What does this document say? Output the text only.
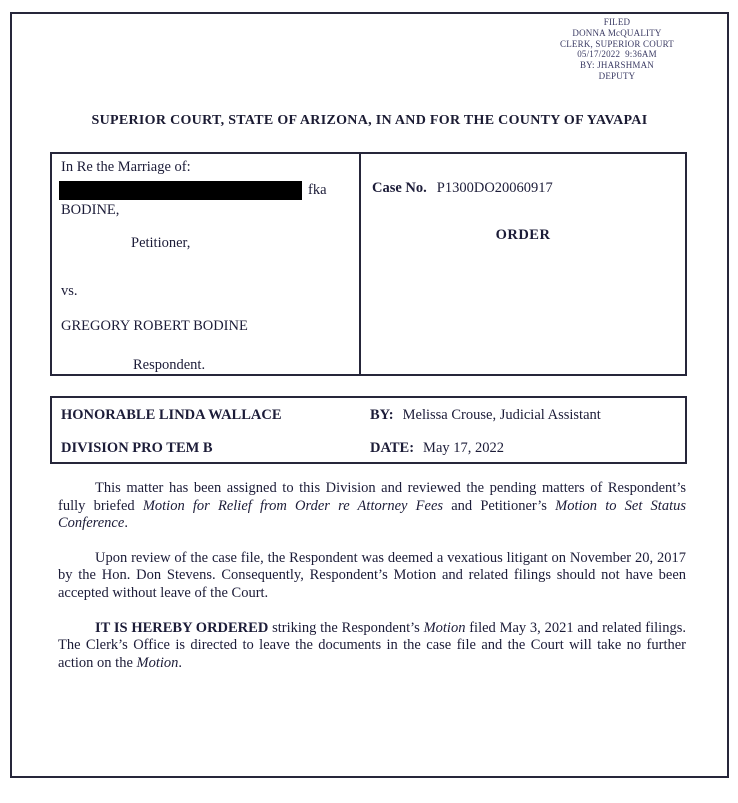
FILED
DONNA McQUALITY
CLERK, SUPERIOR COURT
05/17/2022  9:36AM
BY: JHARSHMAN
DEPUTY
SUPERIOR COURT, STATE OF ARIZONA, IN AND FOR THE COUNTY OF YAVAPAI
In Re the Marriage of:
fka
BODINE,
Petitioner,
vs.
GREGORY ROBERT BODINE
Respondent.
Case No. P1300DO20060917
ORDER
HONORABLE LINDA WALLACE
DIVISION PRO TEM B
BY: Melissa Crouse, Judicial Assistant
DATE: May 17, 2022

This matter has been assigned to this Division and reviewed the pending matters of Respondent’s fully briefed Motion for Relief from Order re Attorney Fees and Petitioner’s Motion to Set Status Conference.

Upon review of the case file, the Respondent was deemed a vexatious litigant on November 20, 2017 by the Hon. Don Stevens. Consequently, Respondent’s Motion and related filings should not have been accepted without leave of the Court.

IT IS HEREBY ORDERED striking the Respondent’s Motion filed May 3, 2021 and related filings. The Clerk’s Office is directed to leave the documents in the case file and the Court will take no further action on the Motion.
